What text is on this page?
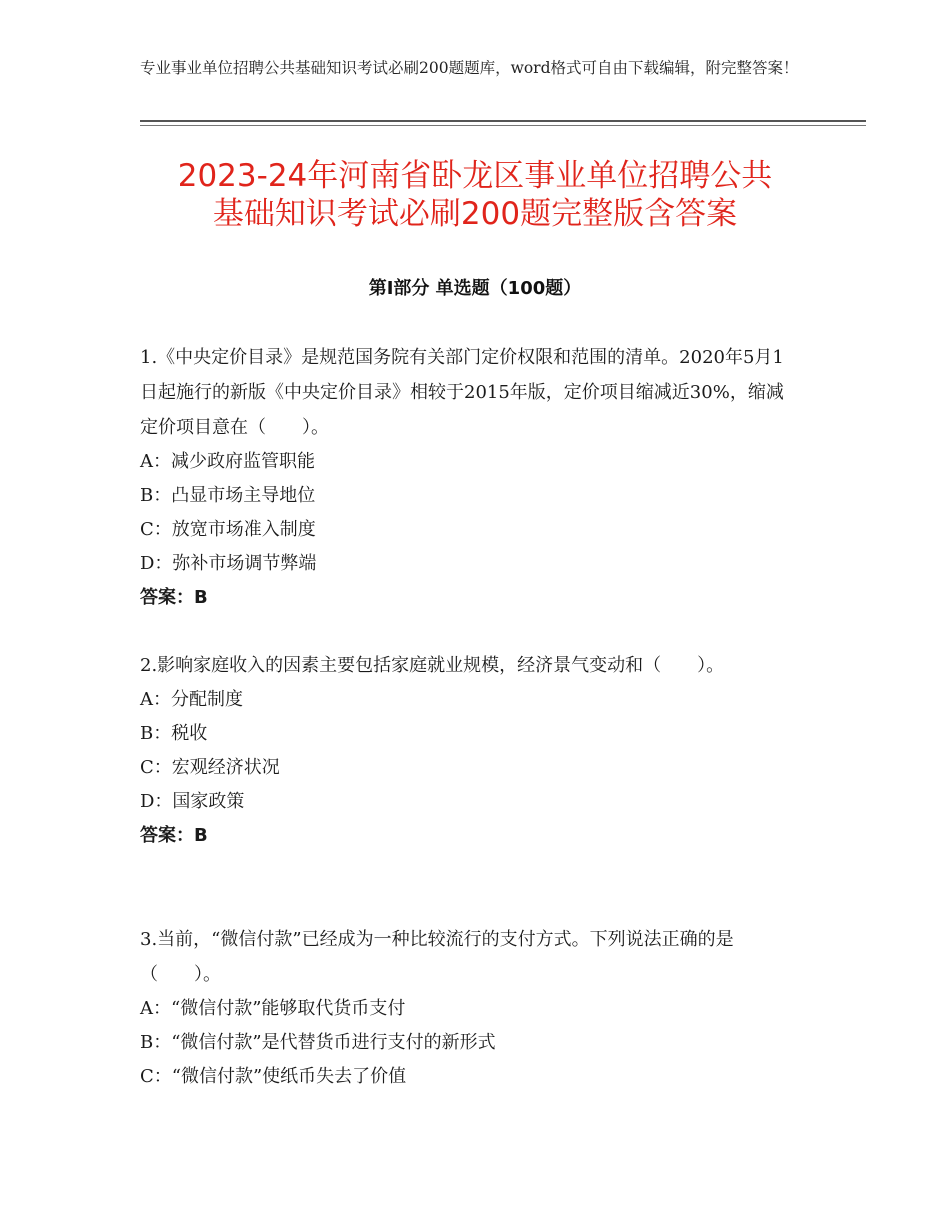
专业事业单位招聘公共基础知识考试必刷200题题库，word格式可自由下载编辑，附完整答案！
2023-24年河南省卧龙区事业单位招聘公共
基础知识考试必刷200题完整版含答案
第Ⅰ部分 单选题（100题）

1.《中央定价目录》是规范国务院有关部门定价权限和范围的清单。2020年5月1日起施行的新版《中央定价目录》相较于2015年版，定价项目缩减近30%，缩减定价项目意在（　　）。

A：减少政府监管职能

B：凸显市场主导地位

C：放宽市场准入制度

D：弥补市场调节弊端

答案：B

2.影响家庭收入的因素主要包括家庭就业规模，经济景气变动和（　　）。

A：分配制度

B：税收

C：宏观经济状况

D：国家政策

答案：B

3.当前，“微信付款”已经成为一种比较流行的支付方式。下列说法正确的是（　　）。

A：“微信付款”能够取代货币支付

B：“微信付款”是代替货币进行支付的新形式

C：“微信付款”使纸币失去了价值
